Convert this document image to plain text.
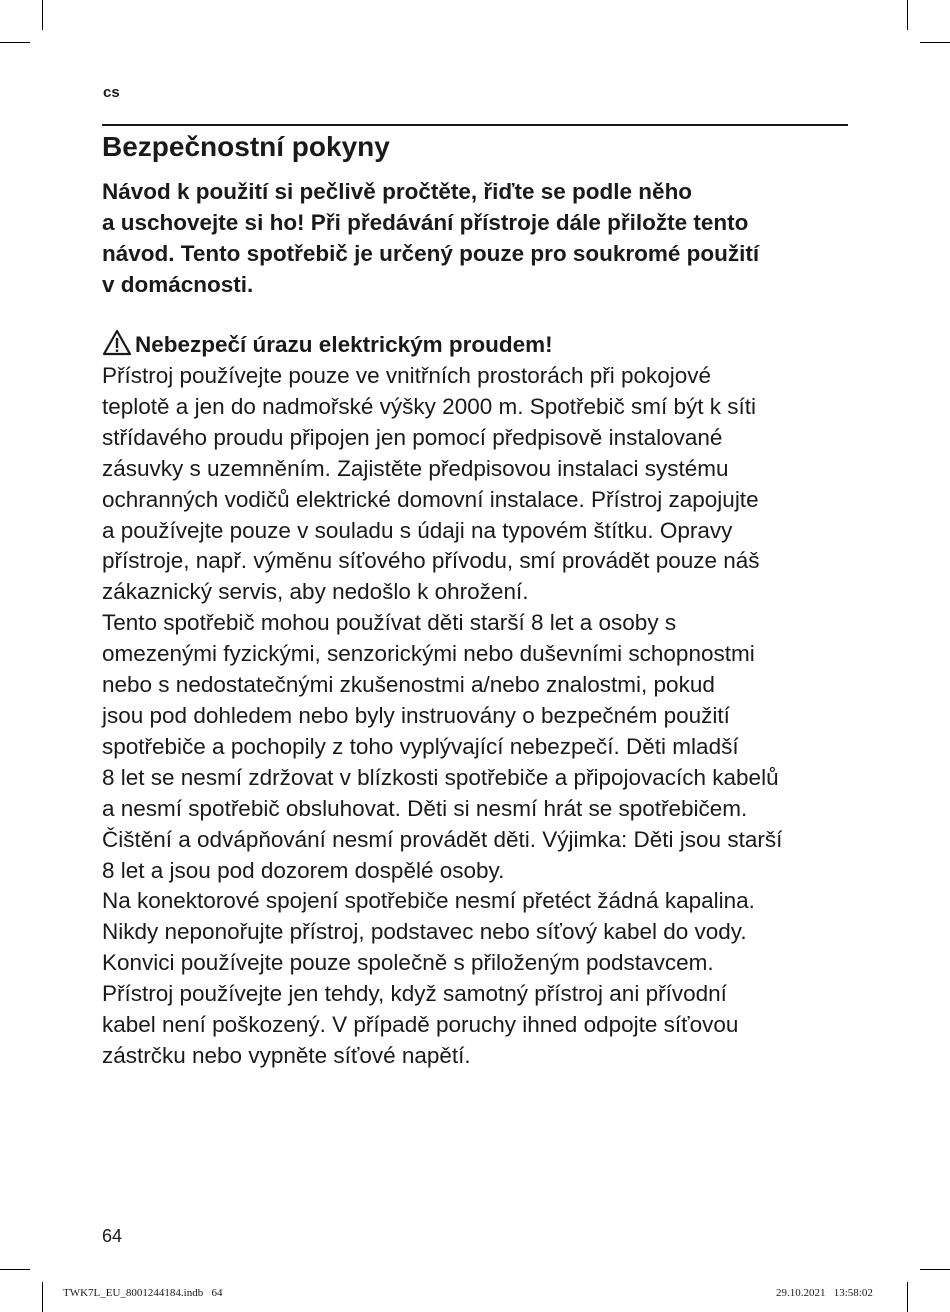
cs
Bezpečnostní pokyny
Návod k použití si pečlivě pročtěte, řiďte se podle něho
a uschovejte si ho! Při předávání přístroje dále přiložte tento
návod. Tento spotřebič je určený pouze pro soukromé použití
v domácnosti.
Nebezpečí úrazu elektrickým proudem!
Přístroj používejte pouze ve vnitřních prostorách při pokojové
teplotě a jen do nadmořské výšky 2000 m. Spotřebič smí být k síti
střídavého proudu připojen jen pomocí předpisově instalované
zásuvky s uzemněním. Zajistěte předpisovou instalaci systému
ochranných vodičů elektrické domovní instalace. Přístroj zapojujte
a používejte pouze v souladu s údaji na typovém štítku. Opravy
přístroje, např. výměnu síťového přívodu, smí provádět pouze náš
zákaznický servis, aby nedošlo k ohrožení.
Tento spotřebič mohou používat děti starší 8 let a osoby s
omezenými fyzickými, senzorickými nebo duševními schopnostmi
nebo s nedostatečnými zkušenostmi a/nebo znalostmi, pokud
jsou pod dohledem nebo byly instruovány o bezpečném použití
spotřebiče a pochopily z toho vyplývající nebezpečí. Děti mladší
8 let se nesmí zdržovat v blízkosti spotřebiče a připojovacích kabelů
a nesmí spotřebič obsluhovat. Děti si nesmí hrát se spotřebičem.
Čištění a odvápňování nesmí provádět děti. Výjimka: Děti jsou starší
8 let a jsou pod dozorem dospělé osoby.
Na konektorové spojení spotřebiče nesmí přetéct žádná kapalina.
Nikdy neponořujte přístroj, podstavec nebo síťový kabel do vody.
Konvici používejte pouze společně s přiloženým podstavcem.
Přístroj používejte jen tehdy, když samotný přístroj ani přívodní
kabel není poškozený. V případě poruchy ihned odpojte síťovou
zástrčku nebo vypněte síťové napětí.
64
TWK7L_EU_8001244184.indb   64	29.10.2021   13:58:02
